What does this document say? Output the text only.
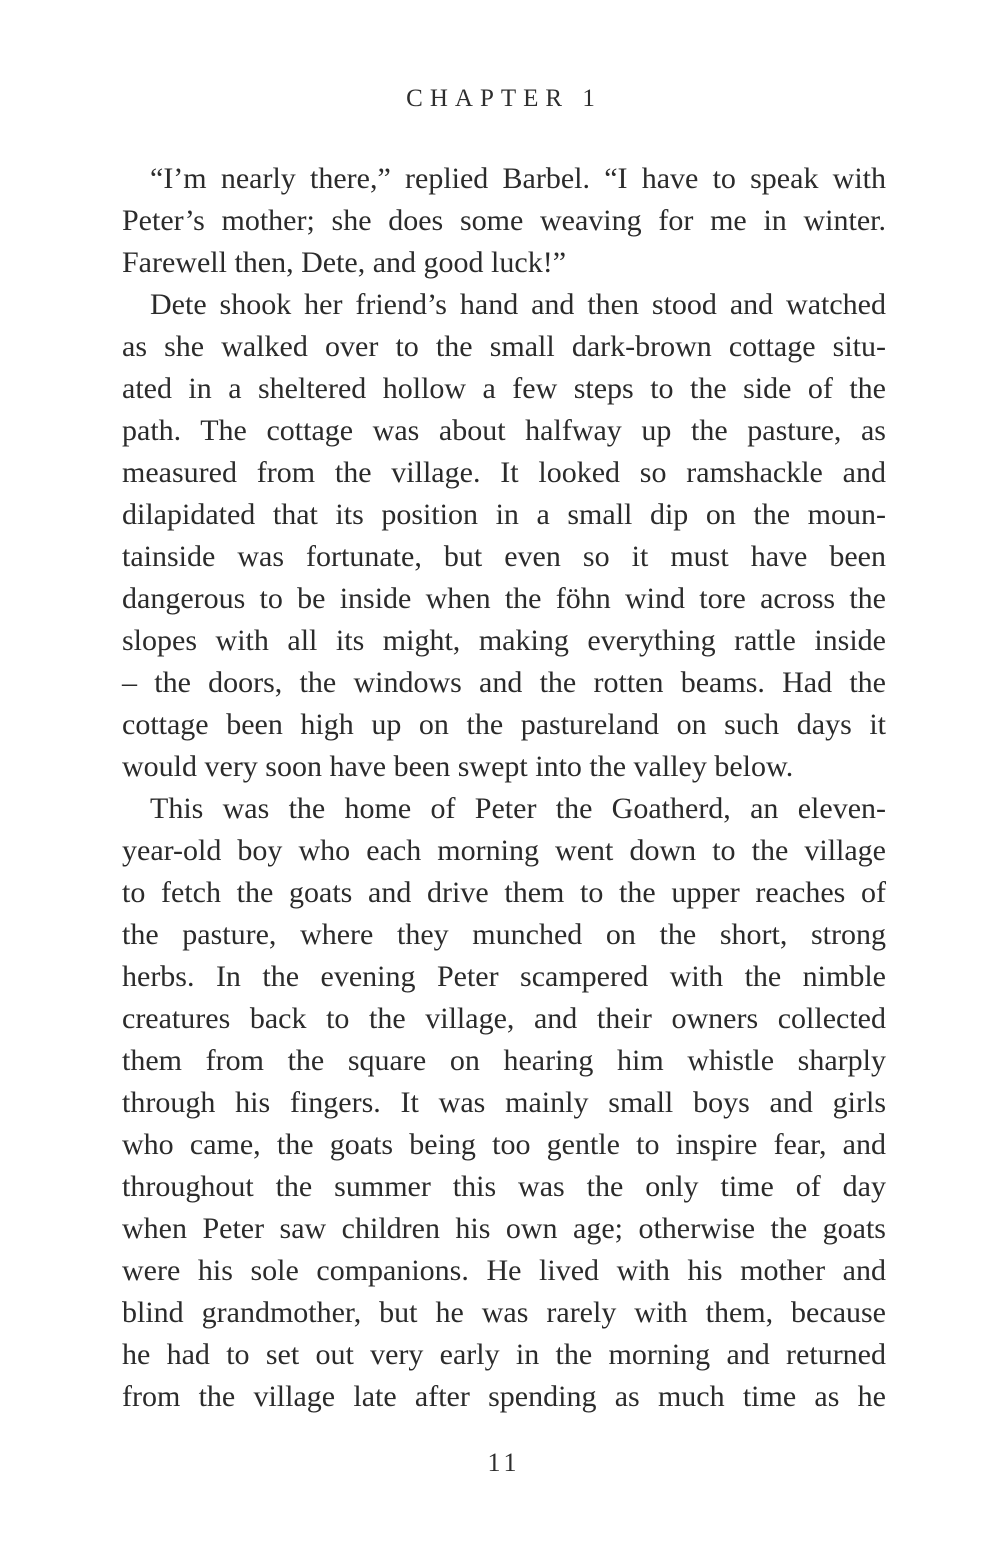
CHAPTER 1

“I’m nearly there,” replied Barbel. “I have to speak with
Peter’s mother; she does some weaving for me in winter.
Farewell then, Dete, and good luck!”

Dete shook her friend’s hand and then stood and watched
as she walked over to the small dark-brown cottage situ-
ated in a sheltered hollow a few steps to the side of the
path. The cottage was about halfway up the pasture, as
measured from the village. It looked so ramshackle and
dilapidated that its position in a small dip on the moun-
tainside was fortunate, but even so it must have been
dangerous to be inside when the föhn wind tore across the
slopes with all its might, making everything rattle inside
– the doors, the windows and the rotten beams. Had the
cottage been high up on the pastureland on such days it
would very soon have been swept into the valley below.

This was the home of Peter the Goatherd, an eleven-
year-old boy who each morning went down to the village
to fetch the goats and drive them to the upper reaches of
the pasture, where they munched on the short, strong
herbs. In the evening Peter scampered with the nimble
creatures back to the village, and their owners collected
them from the square on hearing him whistle sharply
through his fingers. It was mainly small boys and girls
who came, the goats being too gentle to inspire fear, and
throughout the summer this was the only time of day
when Peter saw children his own age; otherwise the goats
were his sole companions. He lived with his mother and
blind grandmother, but he was rarely with them, because
he had to set out very early in the morning and returned
from the village late after spending as much time as he

11
